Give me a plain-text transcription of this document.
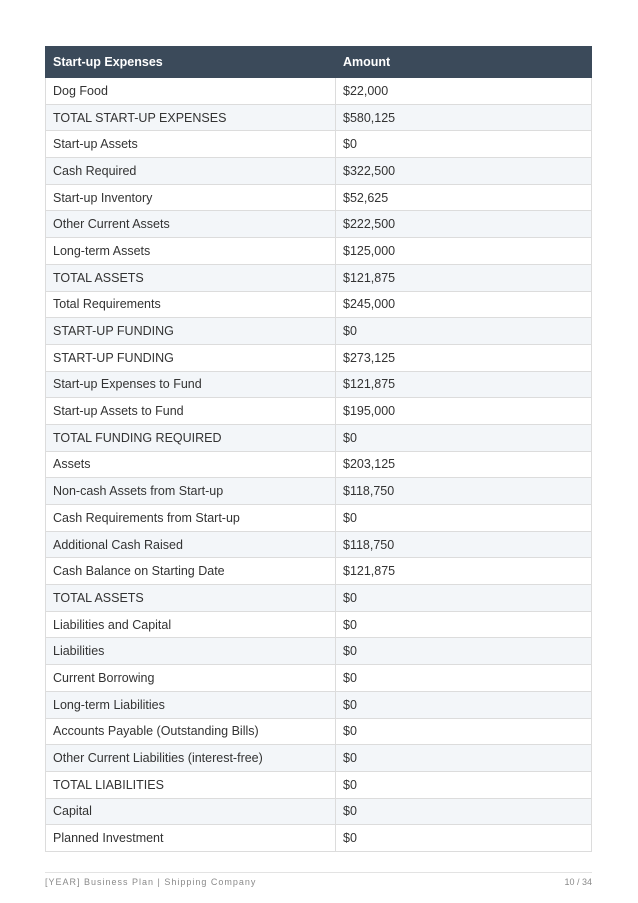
Start-up Expenses	Amount
Dog Food	$22,000
TOTAL START-UP EXPENSES	$580,125
Start-up Assets	$0
Cash Required	$322,500
Start-up Inventory	$52,625
Other Current Assets	$222,500
Long-term Assets	$125,000
TOTAL ASSETS	$121,875
Total Requirements	$245,000
START-UP FUNDING	$0
START-UP FUNDING	$273,125
Start-up Expenses to Fund	$121,875
Start-up Assets to Fund	$195,000
TOTAL FUNDING REQUIRED	$0
Assets	$203,125
Non-cash Assets from Start-up	$118,750
Cash Requirements from Start-up	$0
Additional Cash Raised	$118,750
Cash Balance on Starting Date	$121,875
TOTAL ASSETS	$0
Liabilities and Capital	$0
Liabilities	$0
Current Borrowing	$0
Long-term Liabilities	$0
Accounts Payable (Outstanding Bills)	$0
Other Current Liabilities (interest-free)	$0
TOTAL LIABILITIES	$0
Capital	$0
Planned Investment	$0
[YEAR] Business Plan | Shipping Company	10 / 34
